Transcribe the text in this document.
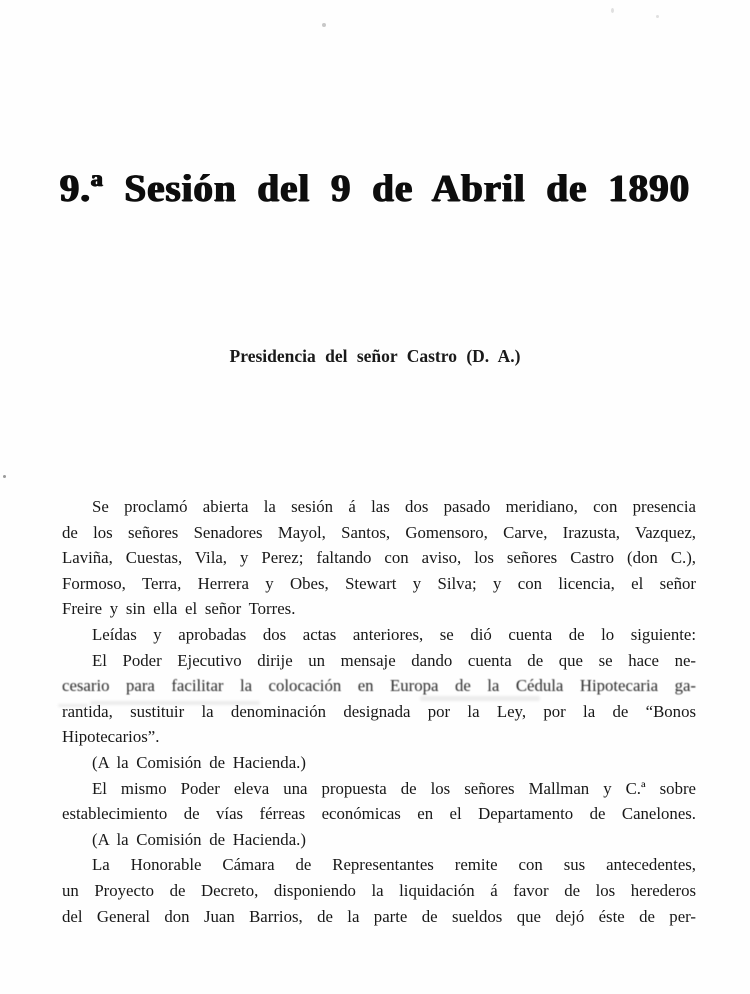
9.ª Sesión del 9 de Abril de 1890
Presidencia del señor Castro (D. A.)
Se proclamó abierta la sesión á las dos pasado meridiano, con presencia
de los señores Senadores Mayol, Santos, Gomensoro, Carve, Irazusta, Vazquez,
Laviña, Cuestas, Vila, y Perez; faltando con aviso, los señores Castro (don C.),
Formoso, Terra, Herrera y Obes, Stewart y Silva; y con licencia, el señor
Freire y sin ella el señor Torres.
Leídas y aprobadas dos actas anteriores, se dió cuenta de lo siguiente:
El Poder Ejecutivo dirije un mensaje dando cuenta de que se hace ne-
cesario para facilitar la colocación en Europa de la Cédula Hipotecaria ga-
rantida, sustituir la denominación designada por la Ley, por la de “Bonos
Hipotecarios”.
(A la Comisión de Hacienda.)
El mismo Poder eleva una propuesta de los señores Mallman y C.ª sobre
establecimiento de vías férreas económicas en el Departamento de Canelones.
(A la Comisión de Hacienda.)
La Honorable Cámara de Representantes remite con sus antecedentes,
un Proyecto de Decreto, disponiendo la liquidación á favor de los herederos
del General don Juan Barrios, de la parte de sueldos que dejó éste de per-
